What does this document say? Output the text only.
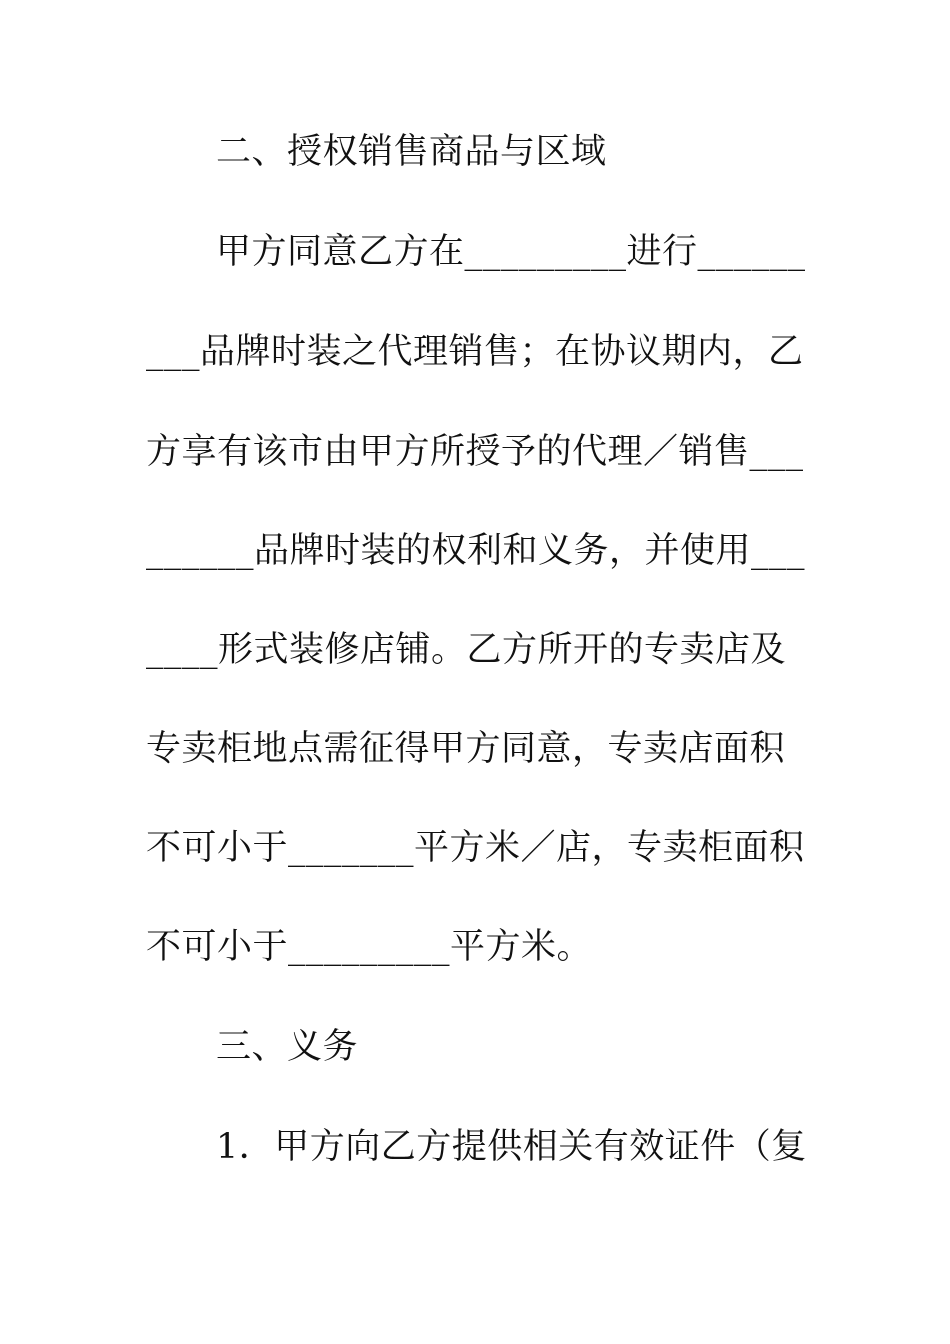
二、授权销售商品与区域
甲方同意乙方在_________进行______
___品牌时装之代理销售；在协议期内，乙
方享有该市由甲方所授予的代理／销售___
______品牌时装的权利和义务，并使用___
____形式装修店铺。乙方所开的专卖店及
专卖柜地点需征得甲方同意，专卖店面积
不可小于_______平方米／店，专卖柜面积
不可小于_________平方米。
三、义务
1．甲方向乙方提供相关有效证件（复
